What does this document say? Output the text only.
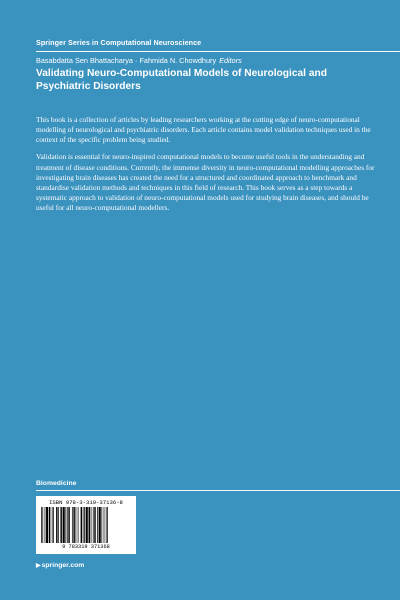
Springer Series in Computational Neuroscience
Basabdatta Sen Bhattacharya · Fahmida N. Chowdhury Editors
Validating Neuro-Computational Models of Neurological and
Psychiatric Disorders

This book is a collection of articles by leading researchers working at the cutting edge of neuro-computational modelling of neurological and psychiatric disorders. Each article contains model validation techniques used in the context of the specific problem being studied.

Validation is essential for neuro-inspired computational models to become useful tools in the understanding and treatment of disease conditions. Currently, the immense diversity in neuro-computational modelling approaches for investigating brain diseases has created the need for a structured and coordinated approach to benchmark and standardise validation methods and techniques in this field of research. This book serves as a step towards a systematic approach to validation of neuro-computational models used for studying brain diseases, and should be useful for all neuro-computational modellers.

Biomedicine
ISBN 978-3-319-37136-8
9 783319 371368
▶springer.com
